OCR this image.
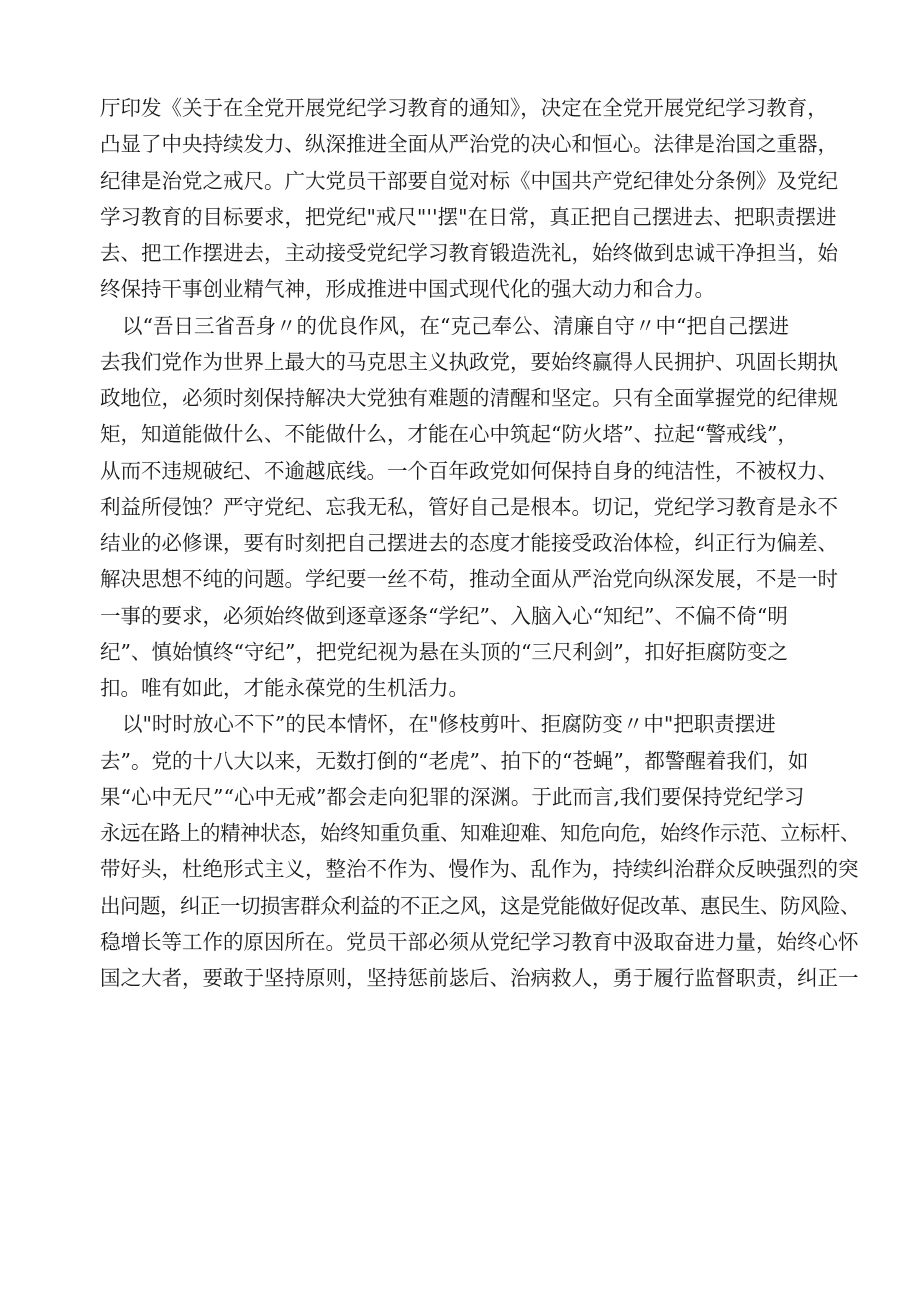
厅印发《关于在全党开展党纪学习教育的通知》，决定在全党开展党纪学习教育，
凸显了中央持续发力、纵深推进全面从严治党的决心和恒心。法律是治国之重器，
纪律是治党之戒尺。广大党员干部要自觉对标《中国共产党纪律处分条例》及党纪
学习教育的目标要求，把党纪"戒尺"''摆"在日常，真正把自己摆进去、把职责摆进
去、把工作摆进去，主动接受党纪学习教育锻造洗礼，始终做到忠诚干净担当，始
终保持干事创业精气神，形成推进中国式现代化的强大动力和合力。
以“吾日三省吾身〃的优良作风，在“克己奉公、清廉自守〃中“把自己摆进
去我们党作为世界上最大的马克思主义执政党，要始终赢得人民拥护、巩固长期执
政地位，必须时刻保持解决大党独有难题的清醒和坚定。只有全面掌握党的纪律规
矩，知道能做什么、不能做什么，才能在心中筑起“防火塔”、拉起“警戒线”，
从而不违规破纪、不逾越底线。一个百年政党如何保持自身的纯洁性，不被权力、
利益所侵蚀？严守党纪、忘我无私，管好自己是根本。切记，党纪学习教育是永不
结业的必修课，要有时刻把自己摆进去的态度才能接受政治体检，纠正行为偏差、
解决思想不纯的问题。学纪要一丝不苟，推动全面从严治党向纵深发展，不是一时
一事的要求，必须始终做到逐章逐条“学纪”、入脑入心“知纪”、不偏不倚“明
纪”、慎始慎终“守纪”，把党纪视为悬在头顶的“三尺利剑”，扣好拒腐防变之
扣。唯有如此，才能永葆党的生机活力。
以"时时放心不下”的民本情怀，在"修枝剪叶、拒腐防变〃中"把职责摆进
去”。党的十八大以来，无数打倒的“老虎”、拍下的“苍蝇”，都警醒着我们，如
果“心中无尺”“心中无戒”都会走向犯罪的深渊。于此而言,我们要保持党纪学习
永远在路上的精神状态，始终知重负重、知难迎难、知危向危，始终作示范、立标杆、
带好头，杜绝形式主义，整治不作为、慢作为、乱作为，持续纠治群众反映强烈的突
出问题，纠正一切损害群众利益的不正之风，这是党能做好促改革、惠民生、防风险、
稳增长等工作的原因所在。党员干部必须从党纪学习教育中汲取奋进力量，始终心怀
国之大者，要敢于坚持原则，坚持惩前毖后、治病救人，勇于履行监督职责，纠正一
